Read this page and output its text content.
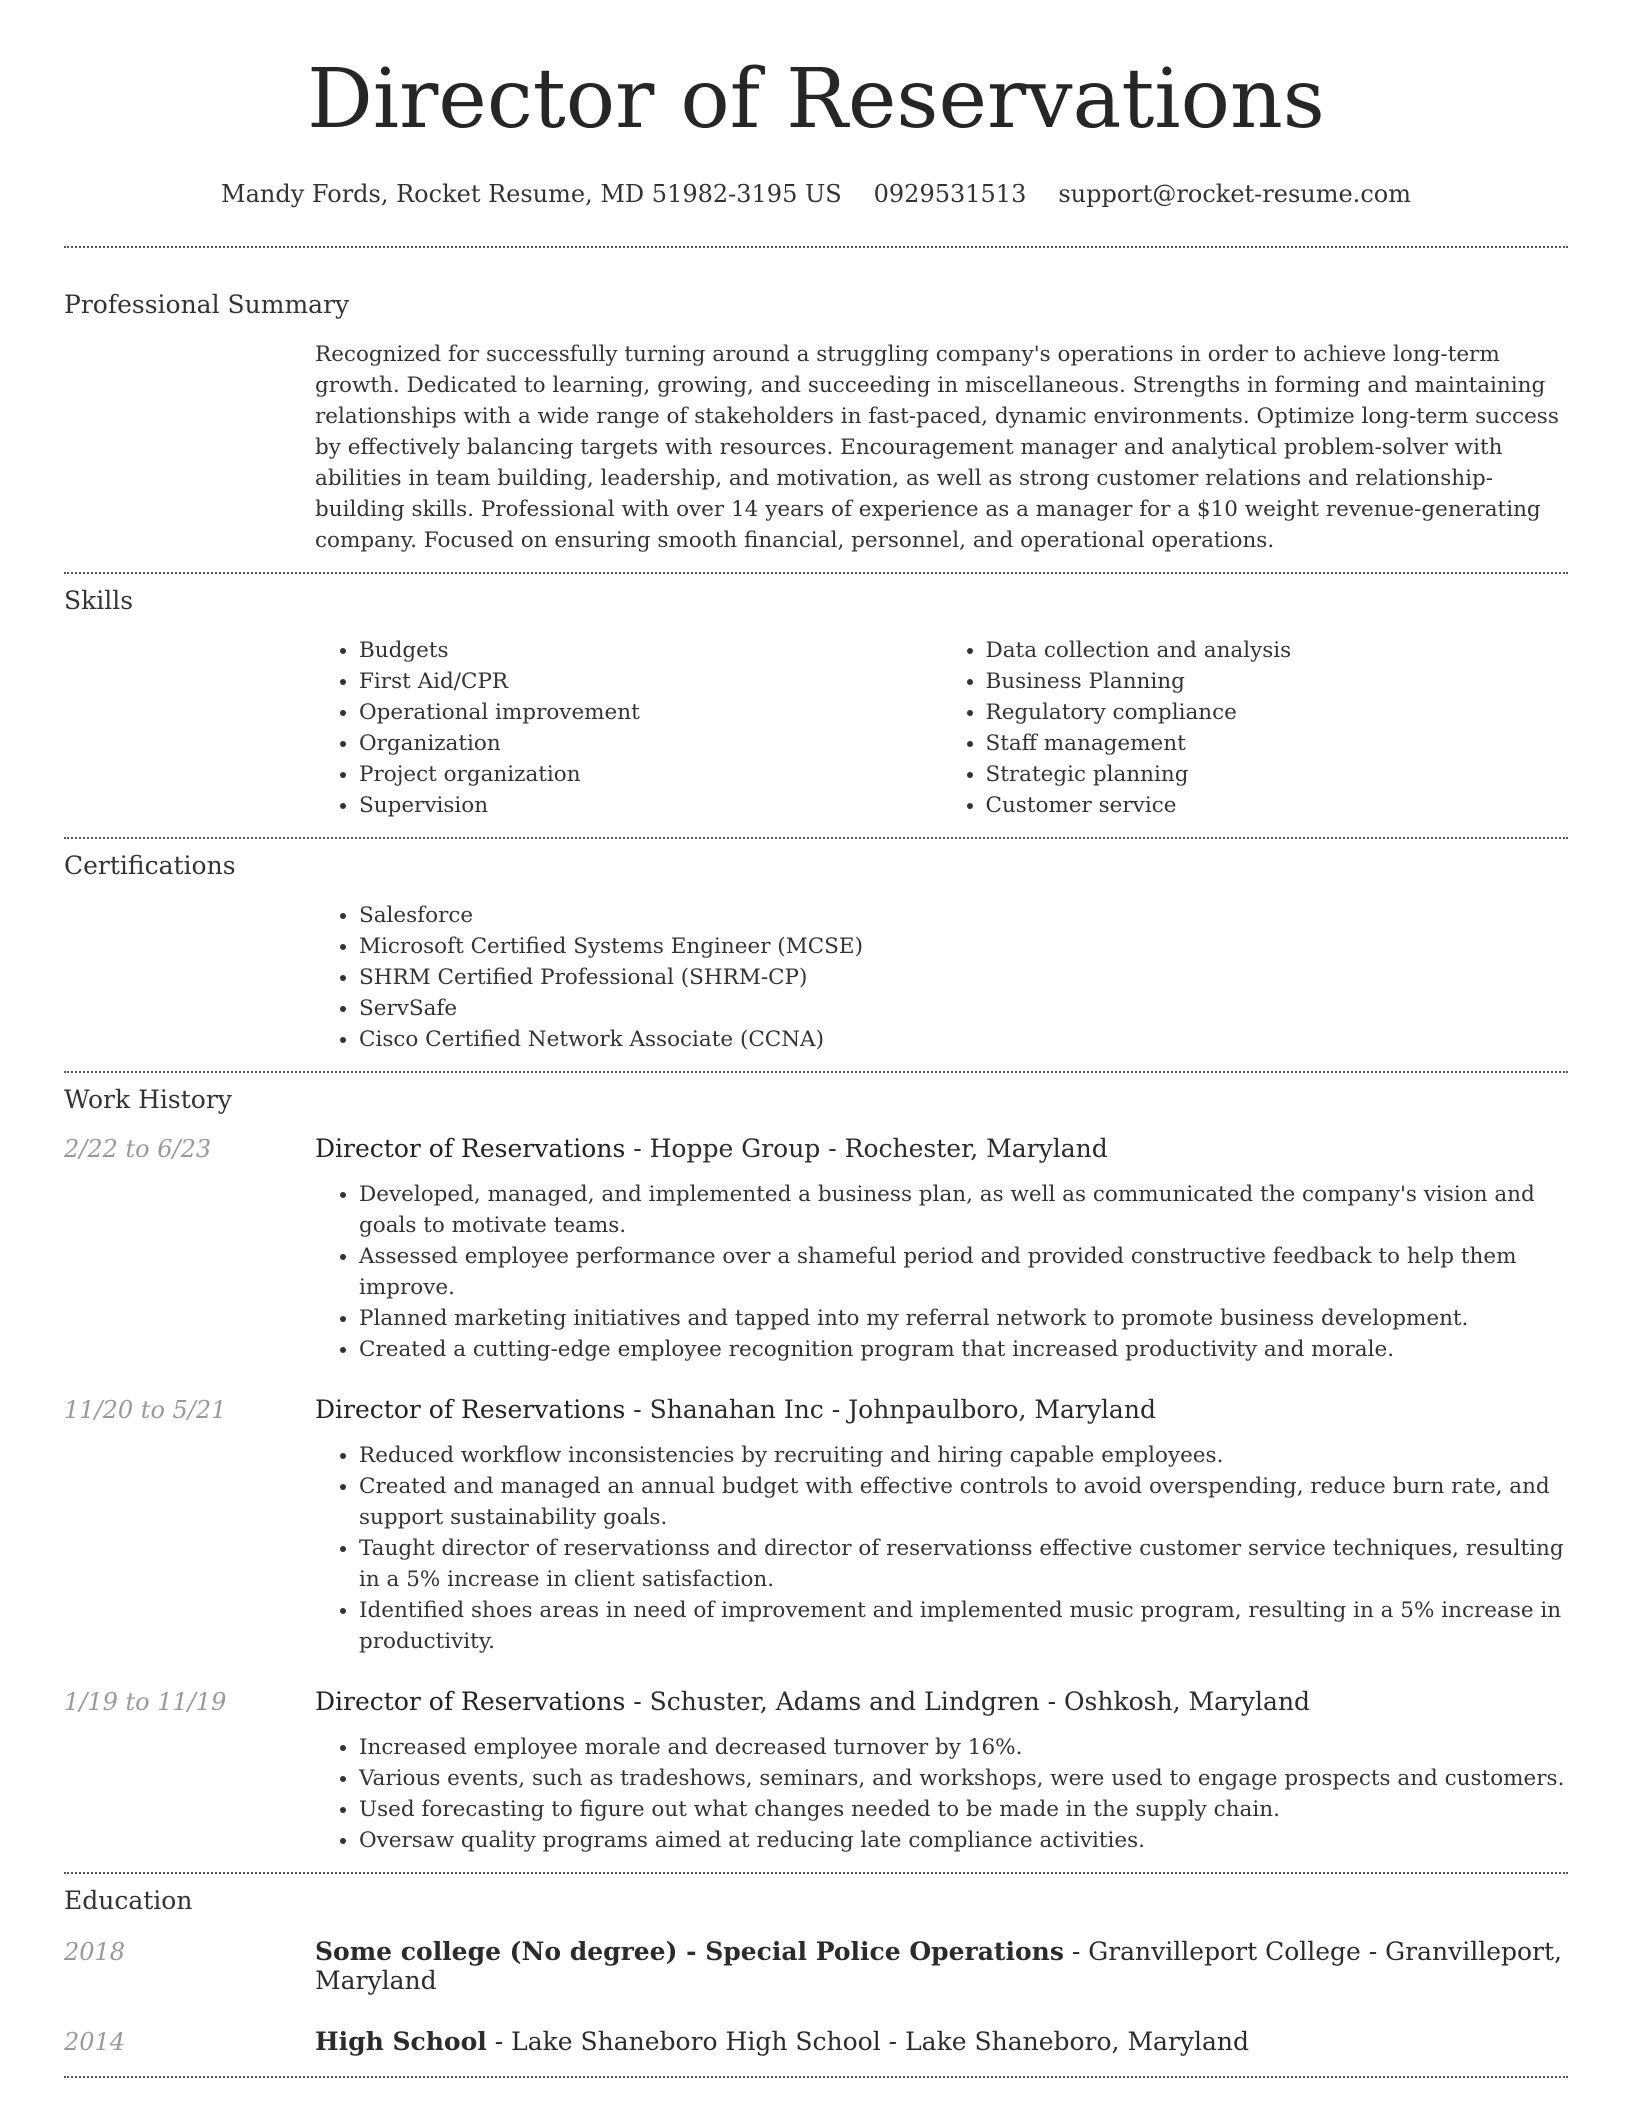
Director of Reservations
Mandy Fords, Rocket Resume, MD 51982-3195 US 0929531513 support@rocket-resume.com
Professional Summary

Recognized for successfully turning around a struggling company's operations in order to achieve long-term growth. Dedicated to learning, growing, and succeeding in miscellaneous. Strengths in forming and maintaining relationships with a wide range of stakeholders in fast-paced, dynamic environments. Optimize long-term success by effectively balancing targets with resources. Encouragement manager and analytical problem-solver with abilities in team building, leadership, and motivation, as well as strong customer relations and relationship-building skills. Professional with over 14 years of experience as a manager for a $10 weight revenue-generating company. Focused on ensuring smooth financial, personnel, and operational operations.

Skills
• Budgets
• First Aid/CPR
• Operational improvement
• Organization
• Project organization
• Supervision
• Data collection and analysis
• Business Planning
• Regulatory compliance
• Staff management
• Strategic planning
• Customer service
Certifications
• Salesforce
• Microsoft Certified Systems Engineer (MCSE)
• SHRM Certified Professional (SHRM-CP)
• ServSafe
• Cisco Certified Network Associate (CCNA)
Work History
2/22 to 6/23	Director of Reservations - Hoppe Group - Rochester, Maryland
• Developed, managed, and implemented a business plan, as well as communicated the company's vision and goals to motivate teams.
• Assessed employee performance over a shameful period and provided constructive feedback to help them improve.
• Planned marketing initiatives and tapped into my referral network to promote business development.
• Created a cutting-edge employee recognition program that increased productivity and morale.
11/20 to 5/21	Director of Reservations - Shanahan Inc - Johnpaulboro, Maryland
• Reduced workflow inconsistencies by recruiting and hiring capable employees.
• Created and managed an annual budget with effective controls to avoid overspending, reduce burn rate, and support sustainability goals.
• Taught director of reservationss and director of reservationss effective customer service techniques, resulting in a 5% increase in client satisfaction.
• Identified shoes areas in need of improvement and implemented music program, resulting in a 5% increase in productivity.
1/19 to 11/19	Director of Reservations - Schuster, Adams and Lindgren - Oshkosh, Maryland
• Increased employee morale and decreased turnover by 16%.
• Various events, such as tradeshows, seminars, and workshops, were used to engage prospects and customers.
• Used forecasting to figure out what changes needed to be made in the supply chain.
• Oversaw quality programs aimed at reducing late compliance activities.
Education
2018	Some college (No degree) - Special Police Operations - Granvilleport College - Granvilleport, Maryland
2014	High School - Lake Shaneboro High School - Lake Shaneboro, Maryland
